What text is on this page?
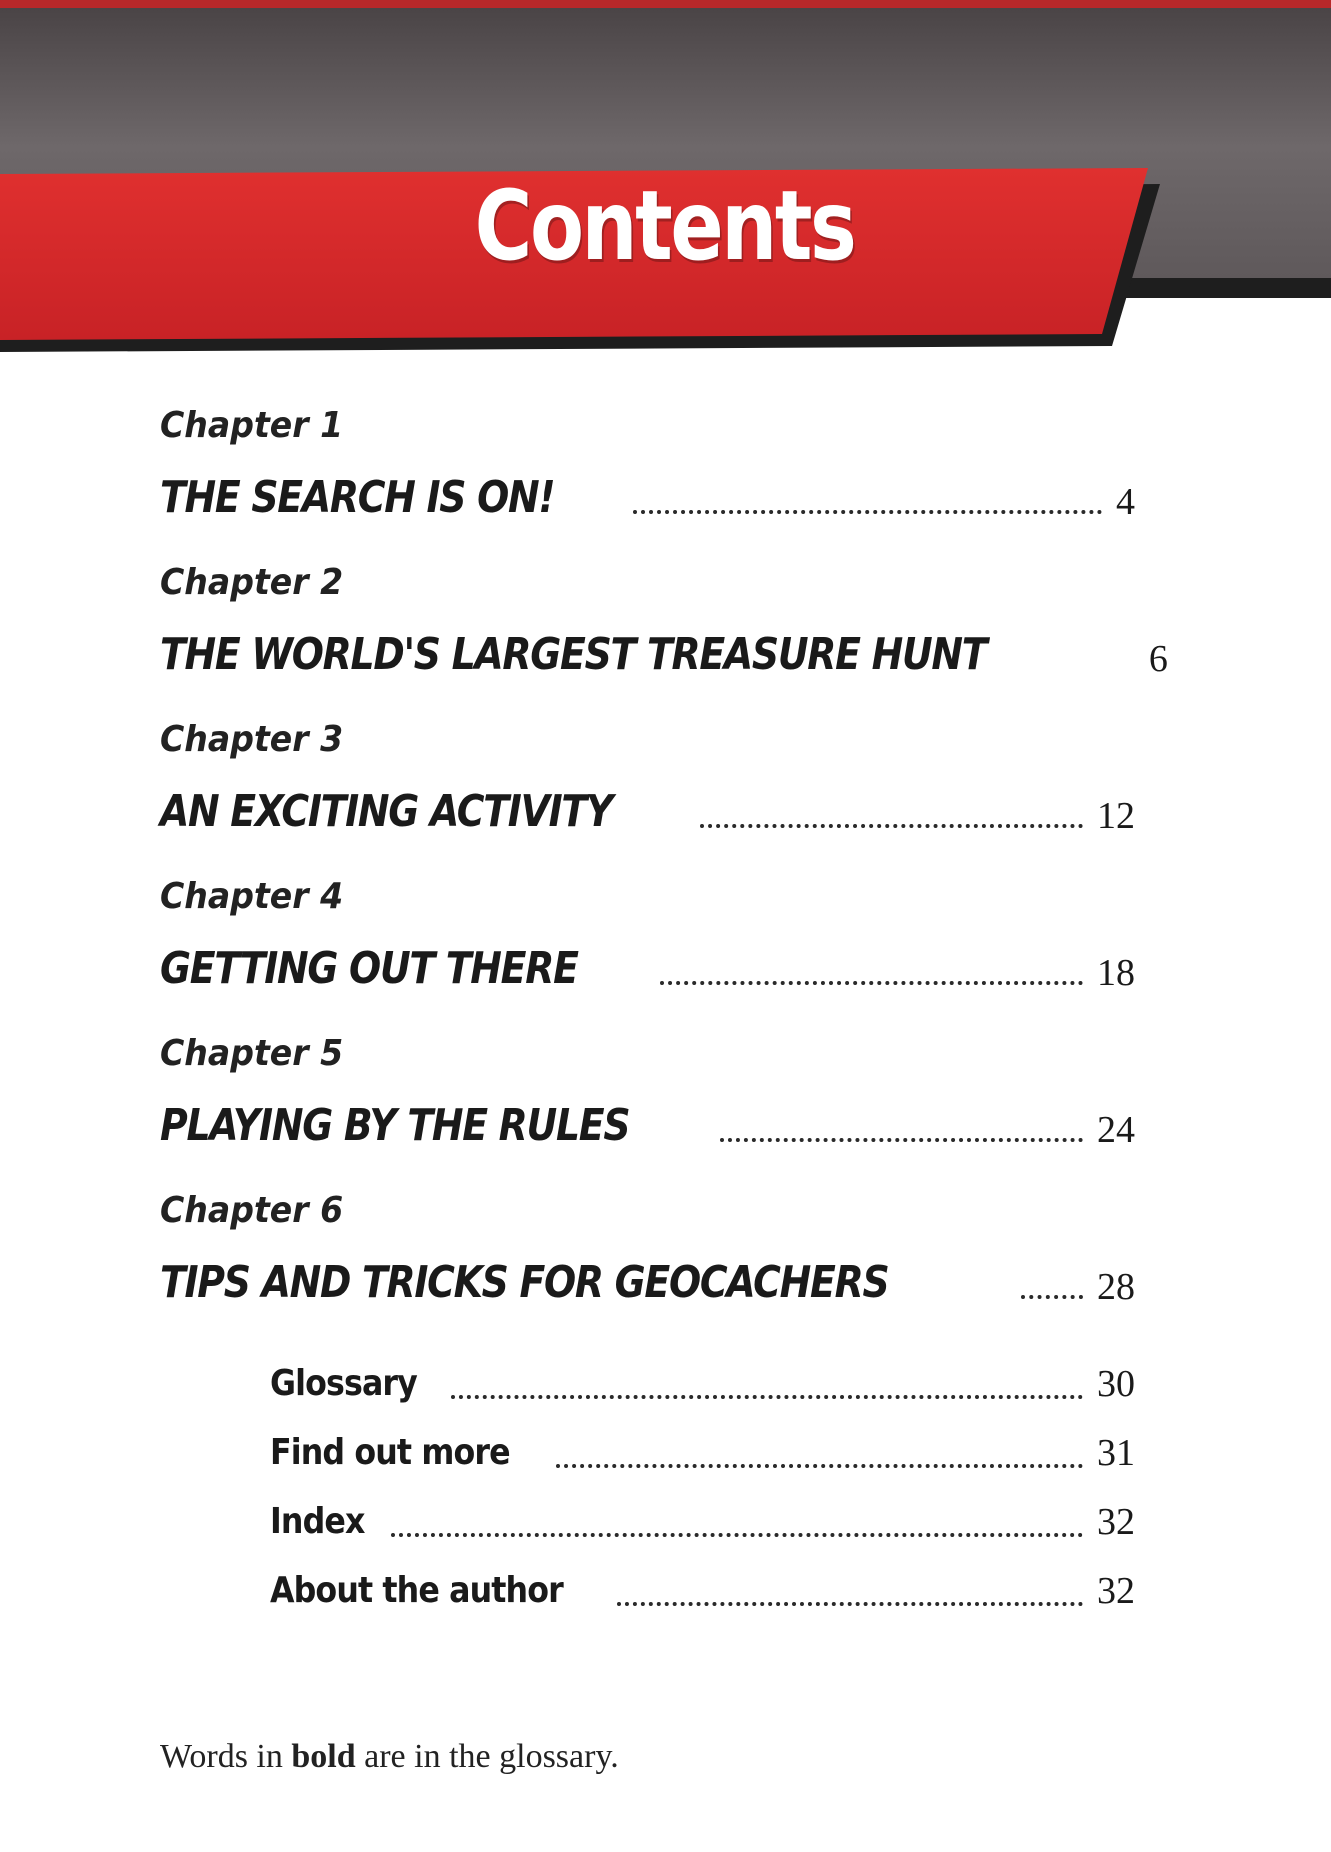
Contents
Chapter 1
THE SEARCH IS ON!	4
Chapter 2
THE WORLD'S LARGEST TREASURE HUNT	6
Chapter 3
AN EXCITING ACTIVITY	12
Chapter 4
GETTING OUT THERE	18
Chapter 5
PLAYING BY THE RULES	24
Chapter 6
TIPS AND TRICKS FOR GEOCACHERS	28
Glossary	30
Find out more	31
Index	32
About the author	32
Words in bold are in the glossary.
